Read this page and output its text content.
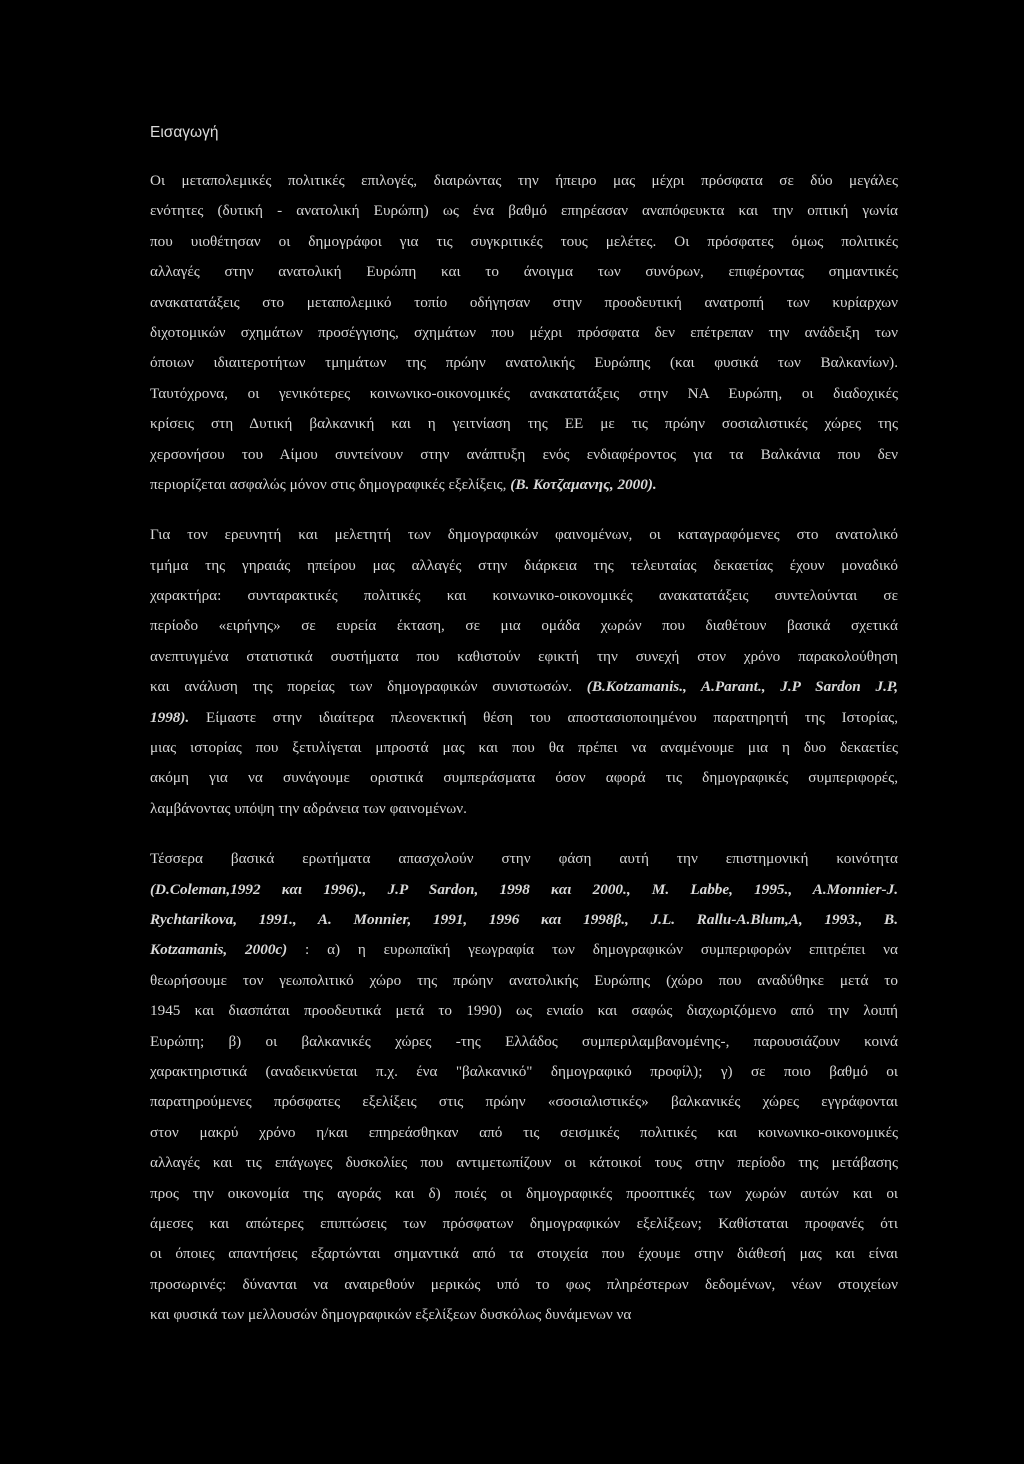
Εισαγωγή
Οι μεταπολεμικές πολιτικές επιλογές, διαιρώντας την ήπειρο μας μέχρι πρόσφατα σε δύο μεγάλες
ενότητες (δυτική - ανατολική Ευρώπη) ως ένα βαθμό επηρέασαν αναπόφευκτα και την οπτική γωνία
που υιοθέτησαν οι δημογράφοι για τις συγκριτικές τους μελέτες. Οι πρόσφατες όμως πολιτικές
αλλαγές στην ανατολική Ευρώπη και το άνοιγμα των συνόρων, επιφέροντας σημαντικές
ανακατατάξεις στο μεταπολεμικό τοπίο οδήγησαν στην προοδευτική ανατροπή των κυρίαρχων
διχοτομικών σχημάτων προσέγγισης, σχημάτων που μέχρι πρόσφατα δεν επέτρεπαν την ανάδειξη των
όποιων ιδιαιτεροτήτων τμημάτων της πρώην ανατολικής Ευρώπης (και φυσικά των Βαλκανίων).
Ταυτόχρονα, οι γενικότερες κοινωνικο-οικονομικές ανακατατάξεις στην ΝΑ Ευρώπη, οι διαδοχικές
κρίσεις στη Δυτική βαλκανική και η γειτνίαση της ΕΕ με τις πρώην σοσιαλιστικές χώρες της
χερσονήσου του Αίμου συντείνουν στην ανάπτυξη ενός ενδιαφέροντος για τα Βαλκάνια που δεν
περιορίζεται ασφαλώς μόνον στις δημογραφικές εξελίξεις, (Β. Κοτζαμανης, 2000).
Για τον ερευνητή και μελετητή των δημογραφικών φαινομένων, οι καταγραφόμενες στο ανατολικό
τμήμα της γηραιάς ηπείρου μας αλλαγές στην διάρκεια της τελευταίας δεκαετίας έχουν μοναδικό
χαρακτήρα: συνταρακτικές πολιτικές και κοινωνικο-οικονομικές ανακατατάξεις συντελούνται σε
περίοδο «ειρήνης» σε ευρεία έκταση, σε μια ομάδα χωρών που διαθέτουν βασικά σχετικά
ανεπτυγμένα στατιστικά συστήματα που καθιστούν εφικτή την συνεχή στον χρόνο παρακολούθηση
και ανάλυση της πορείας των δημογραφικών συνιστωσών. (B.Kotzamanis., A.Parant., J.P Sardon J.P,
1998). Είμαστε στην ιδιαίτερα πλεονεκτική θέση του αποστασιοποιημένου παρατηρητή της Ιστορίας,
μιας ιστορίας που ξετυλίγεται μπροστά μας και που θα πρέπει να αναμένουμε μια η δυο δεκαετίες
ακόμη για να συνάγουμε οριστικά συμπεράσματα όσον αφορά τις δημογραφικές συμπεριφορές,
λαμβάνοντας υπόψη την αδράνεια των φαινομένων.
Τέσσερα βασικά ερωτήματα απασχολούν στην φάση αυτή την επιστημονική κοινότητα
(D.Coleman,1992 και 1996)., J.P Sardon, 1998 και 2000., M. Labbe, 1995., A.Monnier-J.
Rychtarikova, 1991., A. Monnier, 1991, 1996 και 1998β., J.L. Rallu-A.Blum,A, 1993., B.
Kotzamanis, 2000c) : α) η ευρωπαϊκή γεωγραφία των δημογραφικών συμπεριφορών επιτρέπει να
θεωρήσουμε τον γεωπολιτικό χώρο της πρώην ανατολικής Ευρώπης (χώρο που αναδύθηκε μετά το
1945 και διασπάται προοδευτικά μετά το 1990) ως ενιαίο και σαφώς διαχωριζόμενο από την λοιπή
Ευρώπη; β) οι βαλκανικές χώρες -της Ελλάδος συμπεριλαμβανομένης-, παρουσιάζουν κοινά
χαρακτηριστικά (αναδεικνύεται π.χ. ένα "βαλκανικό" δημογραφικό προφίλ); γ) σε ποιο βαθμό οι
παρατηρούμενες πρόσφατες εξελίξεις στις πρώην «σοσιαλιστικές» βαλκανικές χώρες εγγράφονται
στον μακρύ χρόνο η/και επηρεάσθηκαν από τις σεισμικές πολιτικές και κοινωνικο-οικονομικές
αλλαγές και τις επάγωγες δυσκολίες που αντιμετωπίζουν οι κάτοικοί τους στην περίοδο της μετάβασης
προς την οικονομία της αγοράς και δ) ποιές οι δημογραφικές προοπτικές των χωρών αυτών και οι
άμεσες και απώτερες επιπτώσεις των πρόσφατων δημογραφικών εξελίξεων; Καθίσταται προφανές ότι
οι όποιες απαντήσεις εξαρτώνται σημαντικά από τα στοιχεία που έχουμε στην διάθεσή μας και είναι
προσωρινές: δύνανται να αναιρεθούν μερικώς υπό το φως πληρέστερων δεδομένων, νέων στοιχείων
και φυσικά των μελλουσών δημογραφικών εξελίξεων δυσκόλως δυνάμενων να
